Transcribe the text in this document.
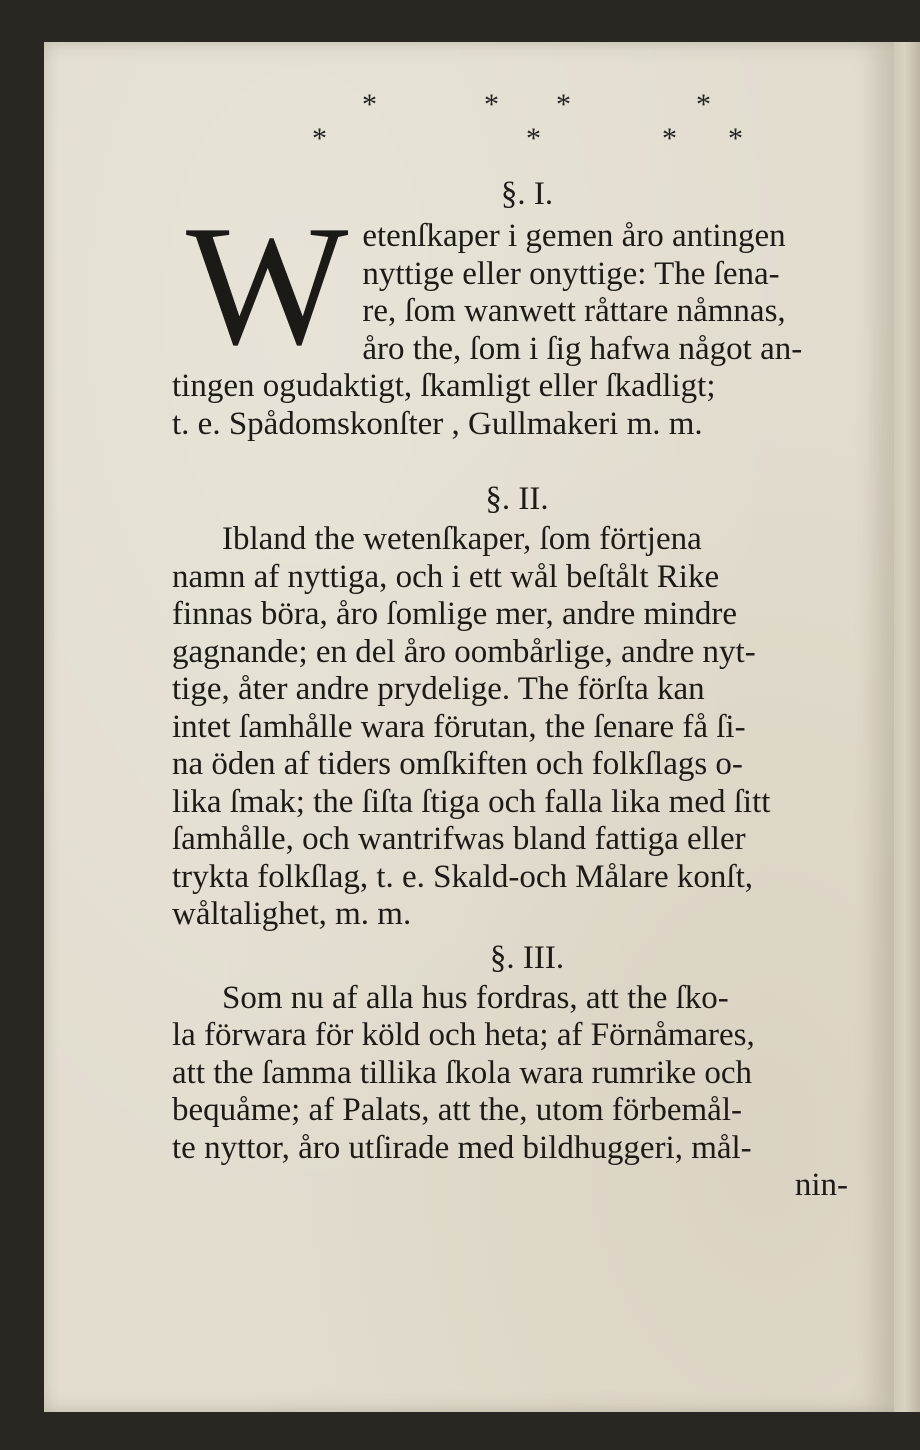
*	* *	*
*	*	* *

§. I.

W etenſkaper i gemen åro antingen
nyttige eller onyttige: The ſena-
re, ſom wanwett råttare nåmnas,
åro the, ſom i ſig hafwa något an-
tingen ogudaktigt, ſkamligt eller ſkadligt;
t. e. Spådomskonſter , Gullmakeri m. m.

§. II.

Ibland the wetenſkaper, ſom förtjena
namn af nyttiga, och i ett wål beſtålt Rike
finnas böra, åro ſomlige mer, andre mindre
gagnande; en del åro oombårlige, andre nyt-
tige, åter andre prydelige. The förſta kan
intet ſamhålle wara förutan, the ſenare få ſi-
na öden af tiders omſkiften och folkſlags o-
lika ſmak; the ſiſta ſtiga och falla lika med ſitt
ſamhålle, och wantrifwas bland fattiga eller
trykta folkſlag, t. e. Skald-och Målare konſt,
wåltalighet, m. m.

§. III.

Som nu af alla hus fordras, att the ſko-
la förwara för köld och heta; af Förnåmares,
att the ſamma tillika ſkola wara rumrike och
bequåme; af Palats, att the, utom förbemål-
te nyttor, åro utſirade med bildhuggeri, mål-
nin-
